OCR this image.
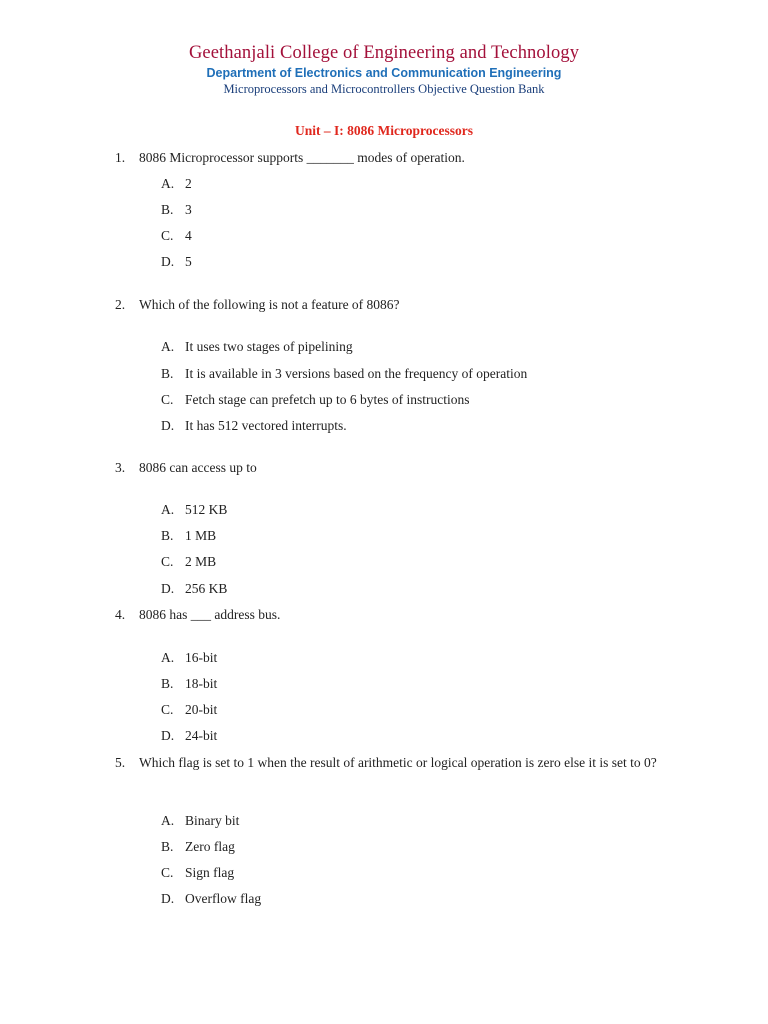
Geethanjali College of Engineering and Technology
Department of Electronics and Communication Engineering
Microprocessors and Microcontrollers Objective Question Bank
Unit – I: 8086 Microprocessors
1. 8086 Microprocessor supports _______ modes of operation.
A. 2
B. 3
C. 4
D. 5
2. Which of the following is not a feature of 8086?
A. It uses two stages of pipelining
B. It is available in 3 versions based on the frequency of operation
C. Fetch stage can prefetch up to 6 bytes of instructions
D. It has 512 vectored interrupts.
3. 8086 can access up to
A. 512 KB
B. 1 MB
C. 2 MB
D. 256 KB
4. 8086 has ___ address bus.
A. 16-bit
B. 18-bit
C. 20-bit
D. 24-bit
5. Which flag is set to 1 when the result of arithmetic or logical operation is zero else it is set to 0?
A. Binary bit
B. Zero flag
C. Sign flag
D. Overflow flag
